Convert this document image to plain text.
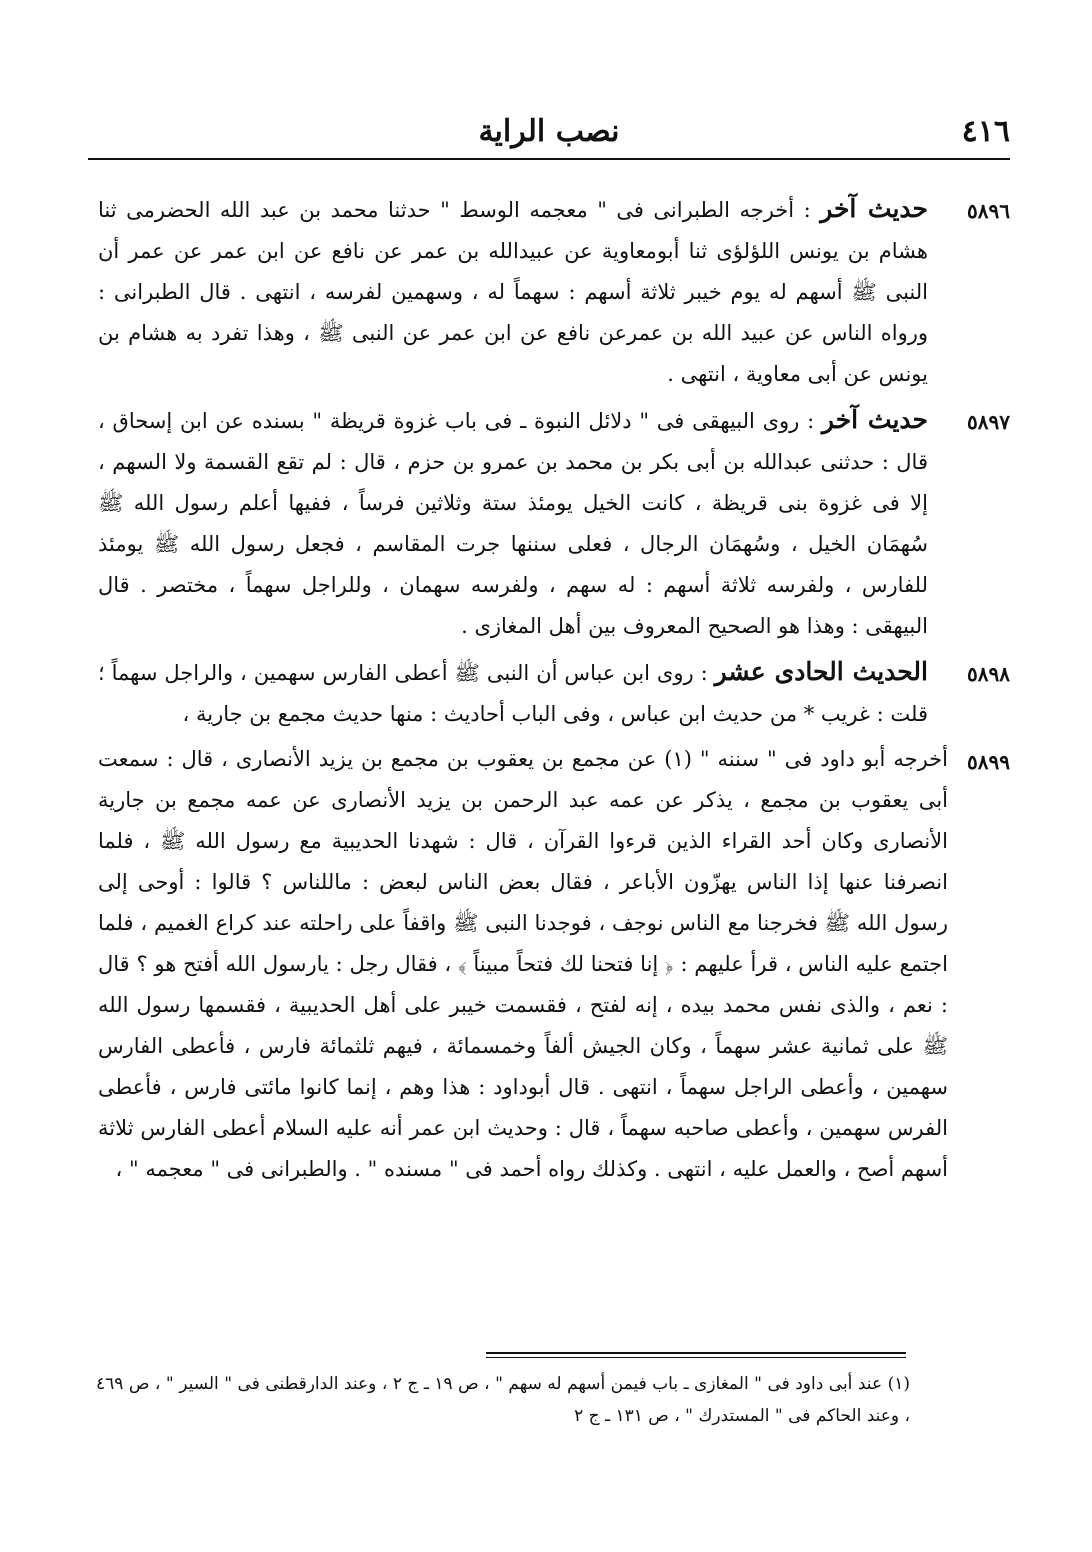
٤١٦
نصب الراية
٥٨٩٦
حديث آخر : أخرجه الطبرانى فى " معجمه الوسط " حدثنا محمد بن عبد الله الحضرمى ثنا هشام بن يونس اللؤلؤى ثنا أبومعاوية عن عبيدالله بن عمر عن نافع عن ابن عمر عن عمر أن النبى ﷺ أسهم له يوم خيبر ثلاثة أسهم : سهماً له ، وسهمين لفرسه ، انتهى . قال الطبرانى : ورواه الناس عن عبيد الله بن عمرعن نافع عن ابن عمر عن النبى ﷺ ، وهذا تفرد به هشام بن يونس عن أبى معاوية ، انتهى .
٥٨٩٧
حديث آخر : روى البيهقى فى " دلائل النبوة ـ فى باب غزوة قريظة " بسنده عن ابن إسحاق ، قال : حدثنى عبدالله بن أبى بكر بن محمد بن عمرو بن حزم ، قال : لم تقع القسمة ولا السهم ، إلا فى غزوة بنى قريظة ، كانت الخيل يومئذ ستة وثلاثين فرساً ، ففيها أعلم رسول الله ﷺ سُهمَان الخيل ، وسُهمَان الرجال ، فعلى سننها جرت المقاسم ، فجعل رسول الله ﷺ يومئذ للفارس ، ولفرسه ثلاثة أسهم : له سهم ، ولفرسه سهمان ، وللراجل سهماً ، مختصر . قال البيهقى : وهذا هو الصحيح المعروف بين أهل المغازى .
٥٨٩٨
الحديث الحادى عشر : روى ابن عباس أن النبى ﷺ أعطى الفارس سهمين ، والراجل سهماً ؛ قلت : غريب * من حديث ابن عباس ، وفى الباب أحاديث : منها حديث مجمع بن جارية ،
٥٨٩٩
أخرجه أبو داود فى " سننه " (١) عن مجمع بن يعقوب بن مجمع بن يزيد الأنصارى ، قال : سمعت أبى يعقوب بن مجمع ، يذكر عن عمه عبد الرحمن بن يزيد الأنصارى عن عمه مجمع بن جارية الأنصارى وكان أحد القراء الذين قرءوا القرآن ، قال : شهدنا الحديبية مع رسول الله ﷺ ، فلما انصرفنا عنها إذا الناس يهزّون الأباعر ، فقال بعض الناس لبعض : ماللناس ؟ قالوا : أوحى إلى رسول الله ﷺ فخرجنا مع الناس نوجف ، فوجدنا النبى ﷺ واقفاً على راحلته عند كراع الغميم ، فلما اجتمع عليه الناس ، قرأ عليهم : ﴿ إنا فتحنا لك فتحاً مبيناً ﴾ ، فقال رجل : يارسول الله أفتح هو ؟ قال : نعم ، والذى نفس محمد بيده ، إنه لفتح ، فقسمت خيبر على أهل الحديبية ، فقسمها رسول الله ﷺ على ثمانية عشر سهماً ، وكان الجيش ألفاً وخمسمائة ، فيهم ثلثمائة فارس ، فأعطى الفارس سهمين ، وأعطى الراجل سهماً ، انتهى . قال أبوداود : هذا وهم ، إنما كانوا مائتى فارس ، فأعطى الفرس سهمين ، وأعطى صاحبه سهماً ، قال : وحديث ابن عمر أنه عليه السلام أعطى الفارس ثلاثة أسهم أصح ، والعمل عليه ، انتهى . وكذلك رواه أحمد فى " مسنده " . والطبرانى فى " معجمه " ،
(١) عند أبى داود فى " المغازى ـ باب فيمن أسهم له سهم " ، ص ١٩ ـ ج ٢ ، وعند الدارقطنى فى " السير " ، ص ٤٦٩ ، وعند الحاكم فى " المستدرك " ، ص ١٣١ ـ ج ٢
